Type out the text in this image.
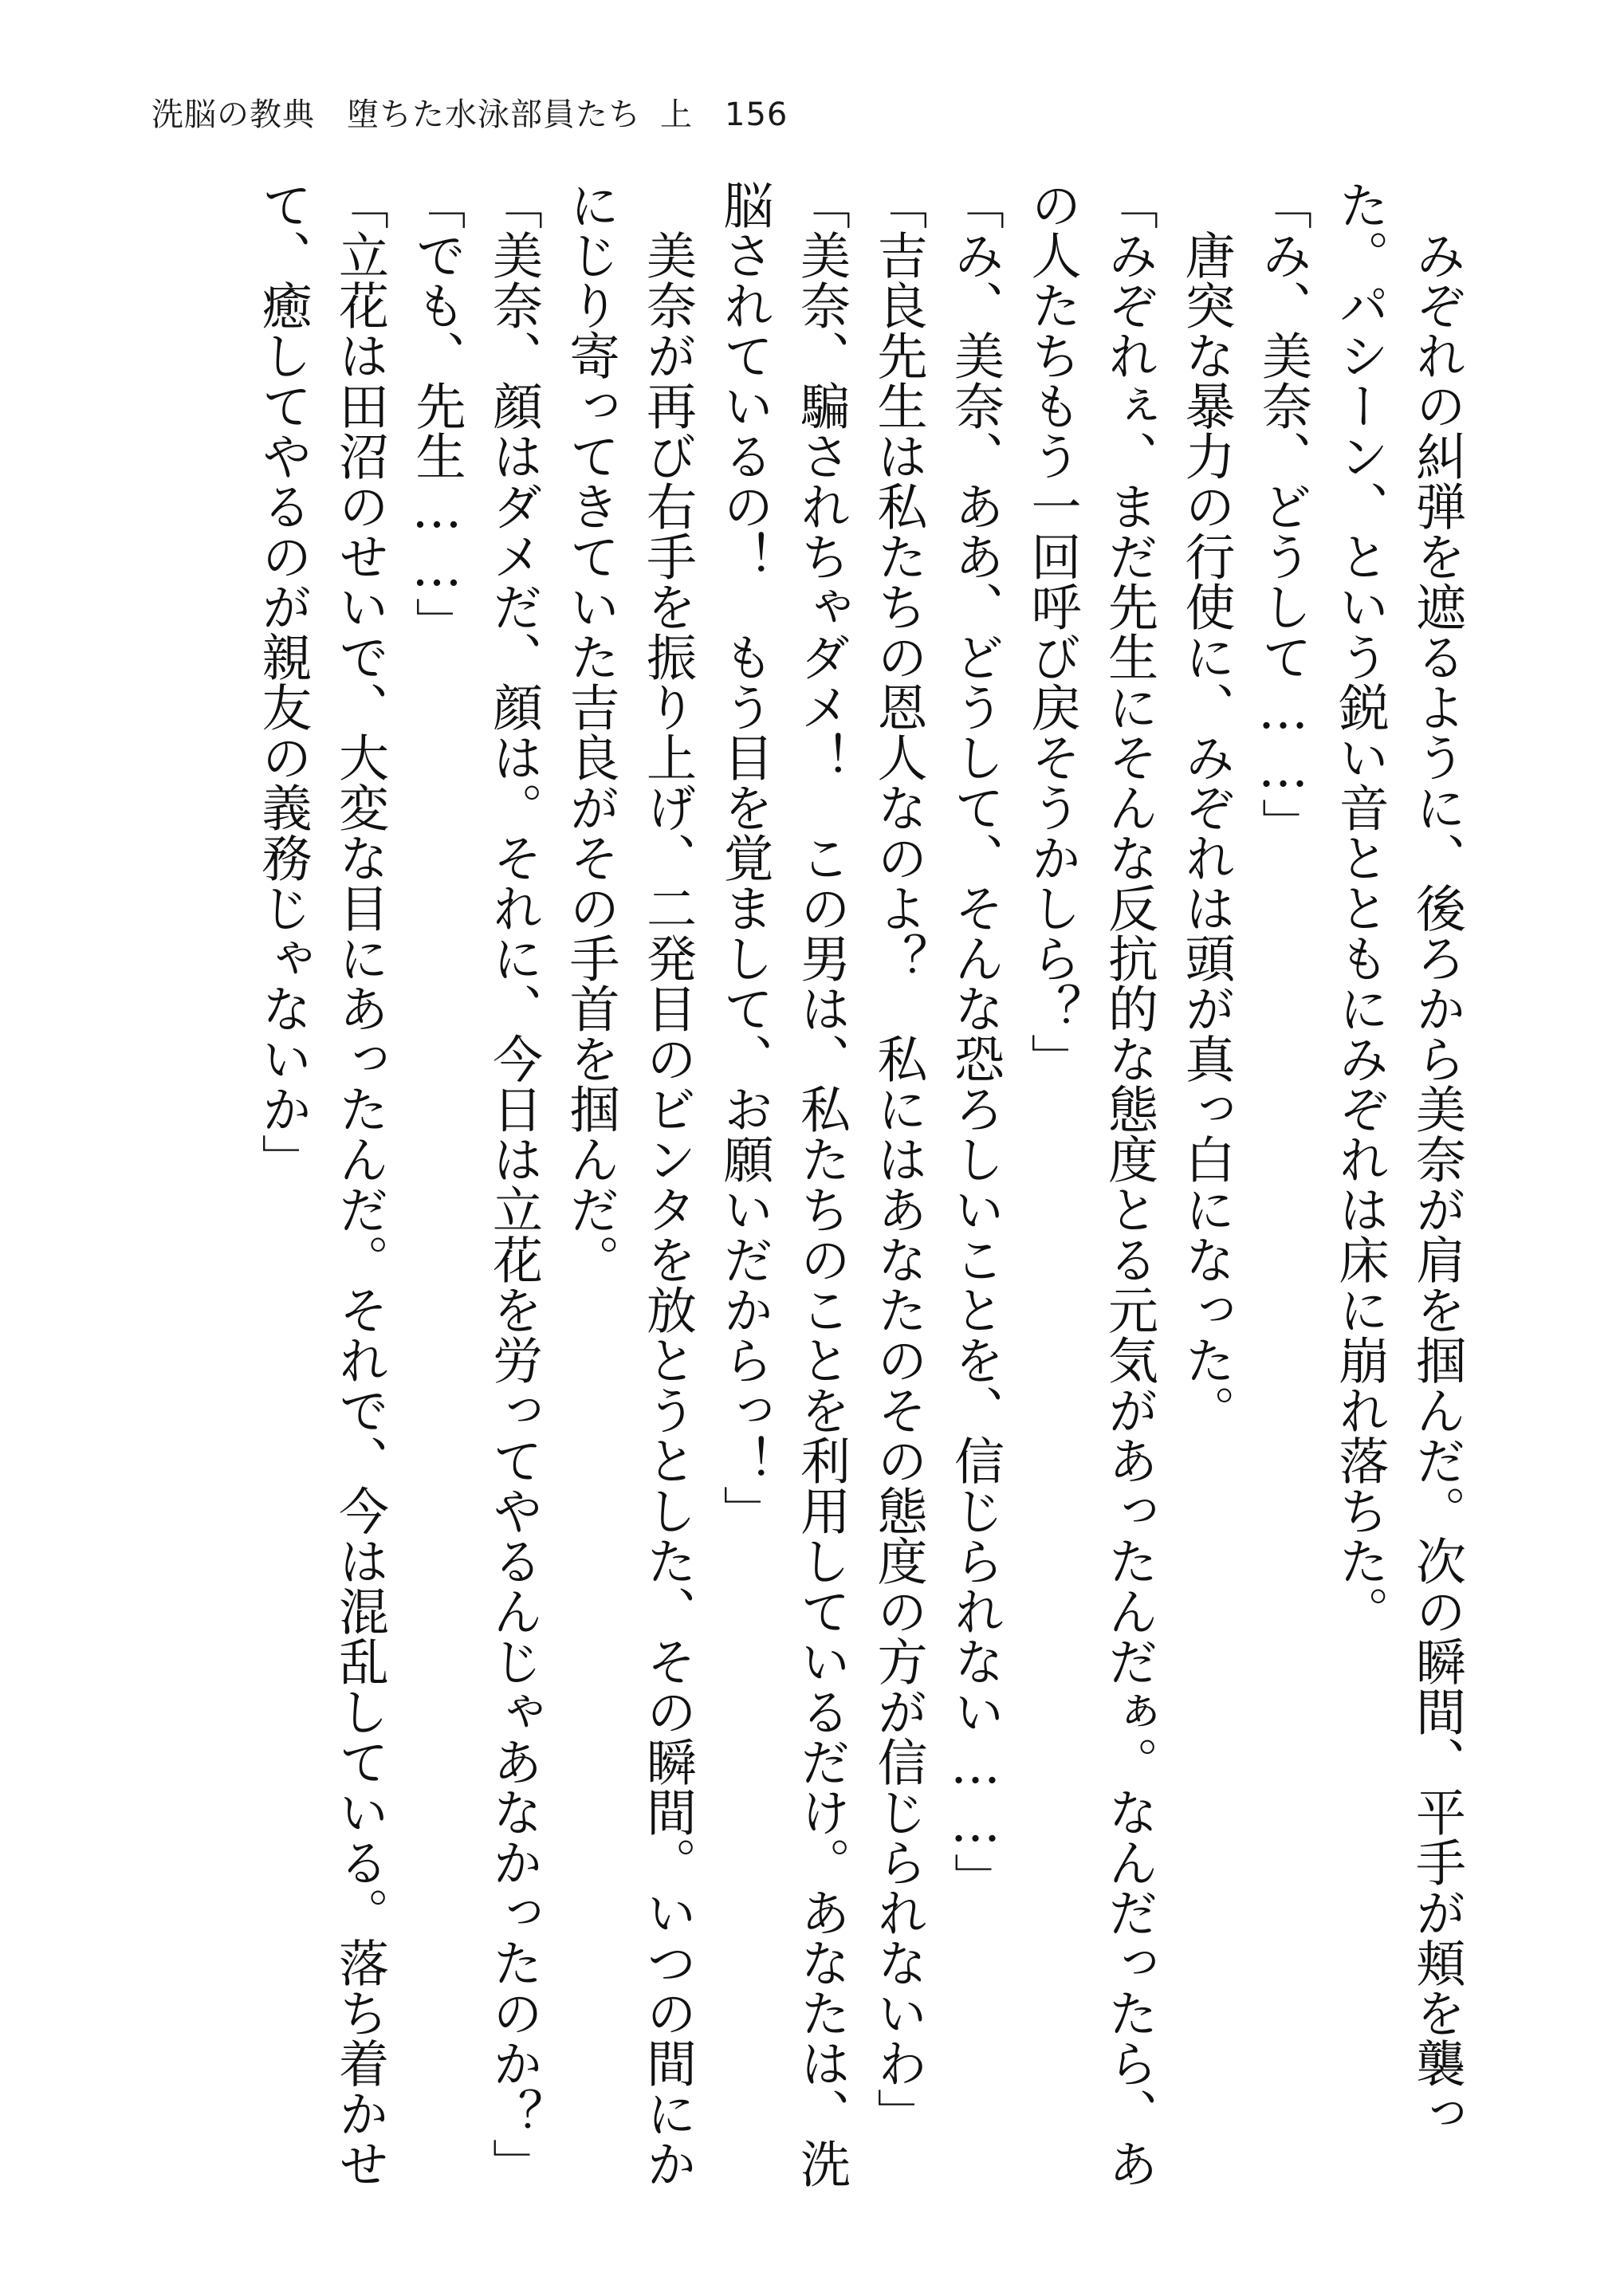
洗脳の教典 堕ちた水泳部員たち 上 156

　みぞれの糾弾を遮るように、後ろから美奈が肩を掴んだ。次の瞬間、平手が頬を襲っ

た。パシーン、という鋭い音とともにみぞれは床に崩れ落ちた。

「み、美奈、どうして……」

　唐突な暴力の行使に、みぞれは頭が真っ白になった。

「みぞれぇ、まだ先生にそんな反抗的な態度とる元気があったんだぁ。なんだったら、あ

の人たちもう一回呼び戻そうかしら？」

「み、美奈、ああ、どうして、そんな恐ろしいことを、信じられない……」

「吉良先生は私たちの恩人なのよ？　私にはあなたのその態度の方が信じられないわ」

「美奈、騙されちゃダメ！　この男は、私たちのことを利用しているだけ。あなたは、洗

脳されているの！　もう目を覚まして、お願いだからっ！」

　美奈が再び右手を振り上げ、二発目のビンタを放とうとした、その瞬間。いつの間にか

にじり寄ってきていた吉良がその手首を掴んだ。

「美奈、顔はダメだ、顔は。それに、今日は立花を労ってやるんじゃあなかったのか？」

「でも、先生……」

「立花は田沼のせいで、大変な目にあったんだ。それで、今は混乱している。落ち着かせ

て、癒してやるのが親友の義務じゃないか」
